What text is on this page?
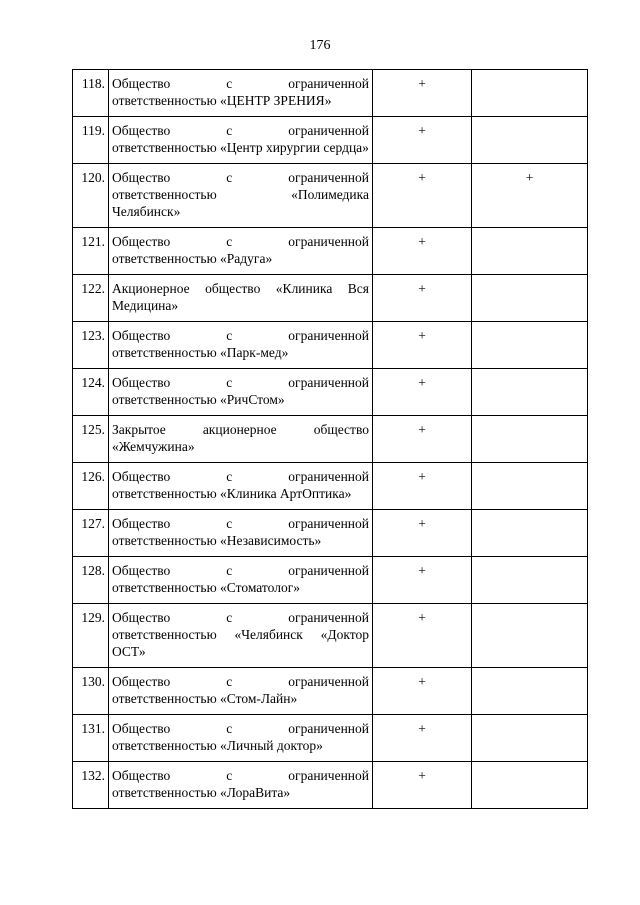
176
118.	Общество с ограниченной ответственностью «ЦЕНТР ЗРЕНИЯ»	+	
119.	Общество с ограниченной ответственностью «Центр хирургии сердца»	+	
120.	Общество с ограниченной ответственностью «Полимедика Челябинск»	+	+
121.	Общество с ограниченной ответственностью «Радуга»	+	
122.	Акционерное общество «Клиника Вся Медицина»	+	
123.	Общество с ограниченной ответственностью «Парк-мед»	+	
124.	Общество с ограниченной ответственностью «РичСтом»	+	
125.	Закрытое акционерное общество «Жемчужина»	+	
126.	Общество с ограниченной ответственностью «Клиника АртОптика»	+	
127.	Общество с ограниченной ответственностью «Независимость»	+	
128.	Общество с ограниченной ответственностью «Стоматолог»	+	
129.	Общество с ограниченной ответственностью «Челябинск «Доктор ОСТ»	+	
130.	Общество с ограниченной ответственностью «Стом-Лайн»	+	
131.	Общество с ограниченной ответственностью «Личный доктор»	+	
132.	Общество с ограниченной ответственностью «ЛораВита»	+	
